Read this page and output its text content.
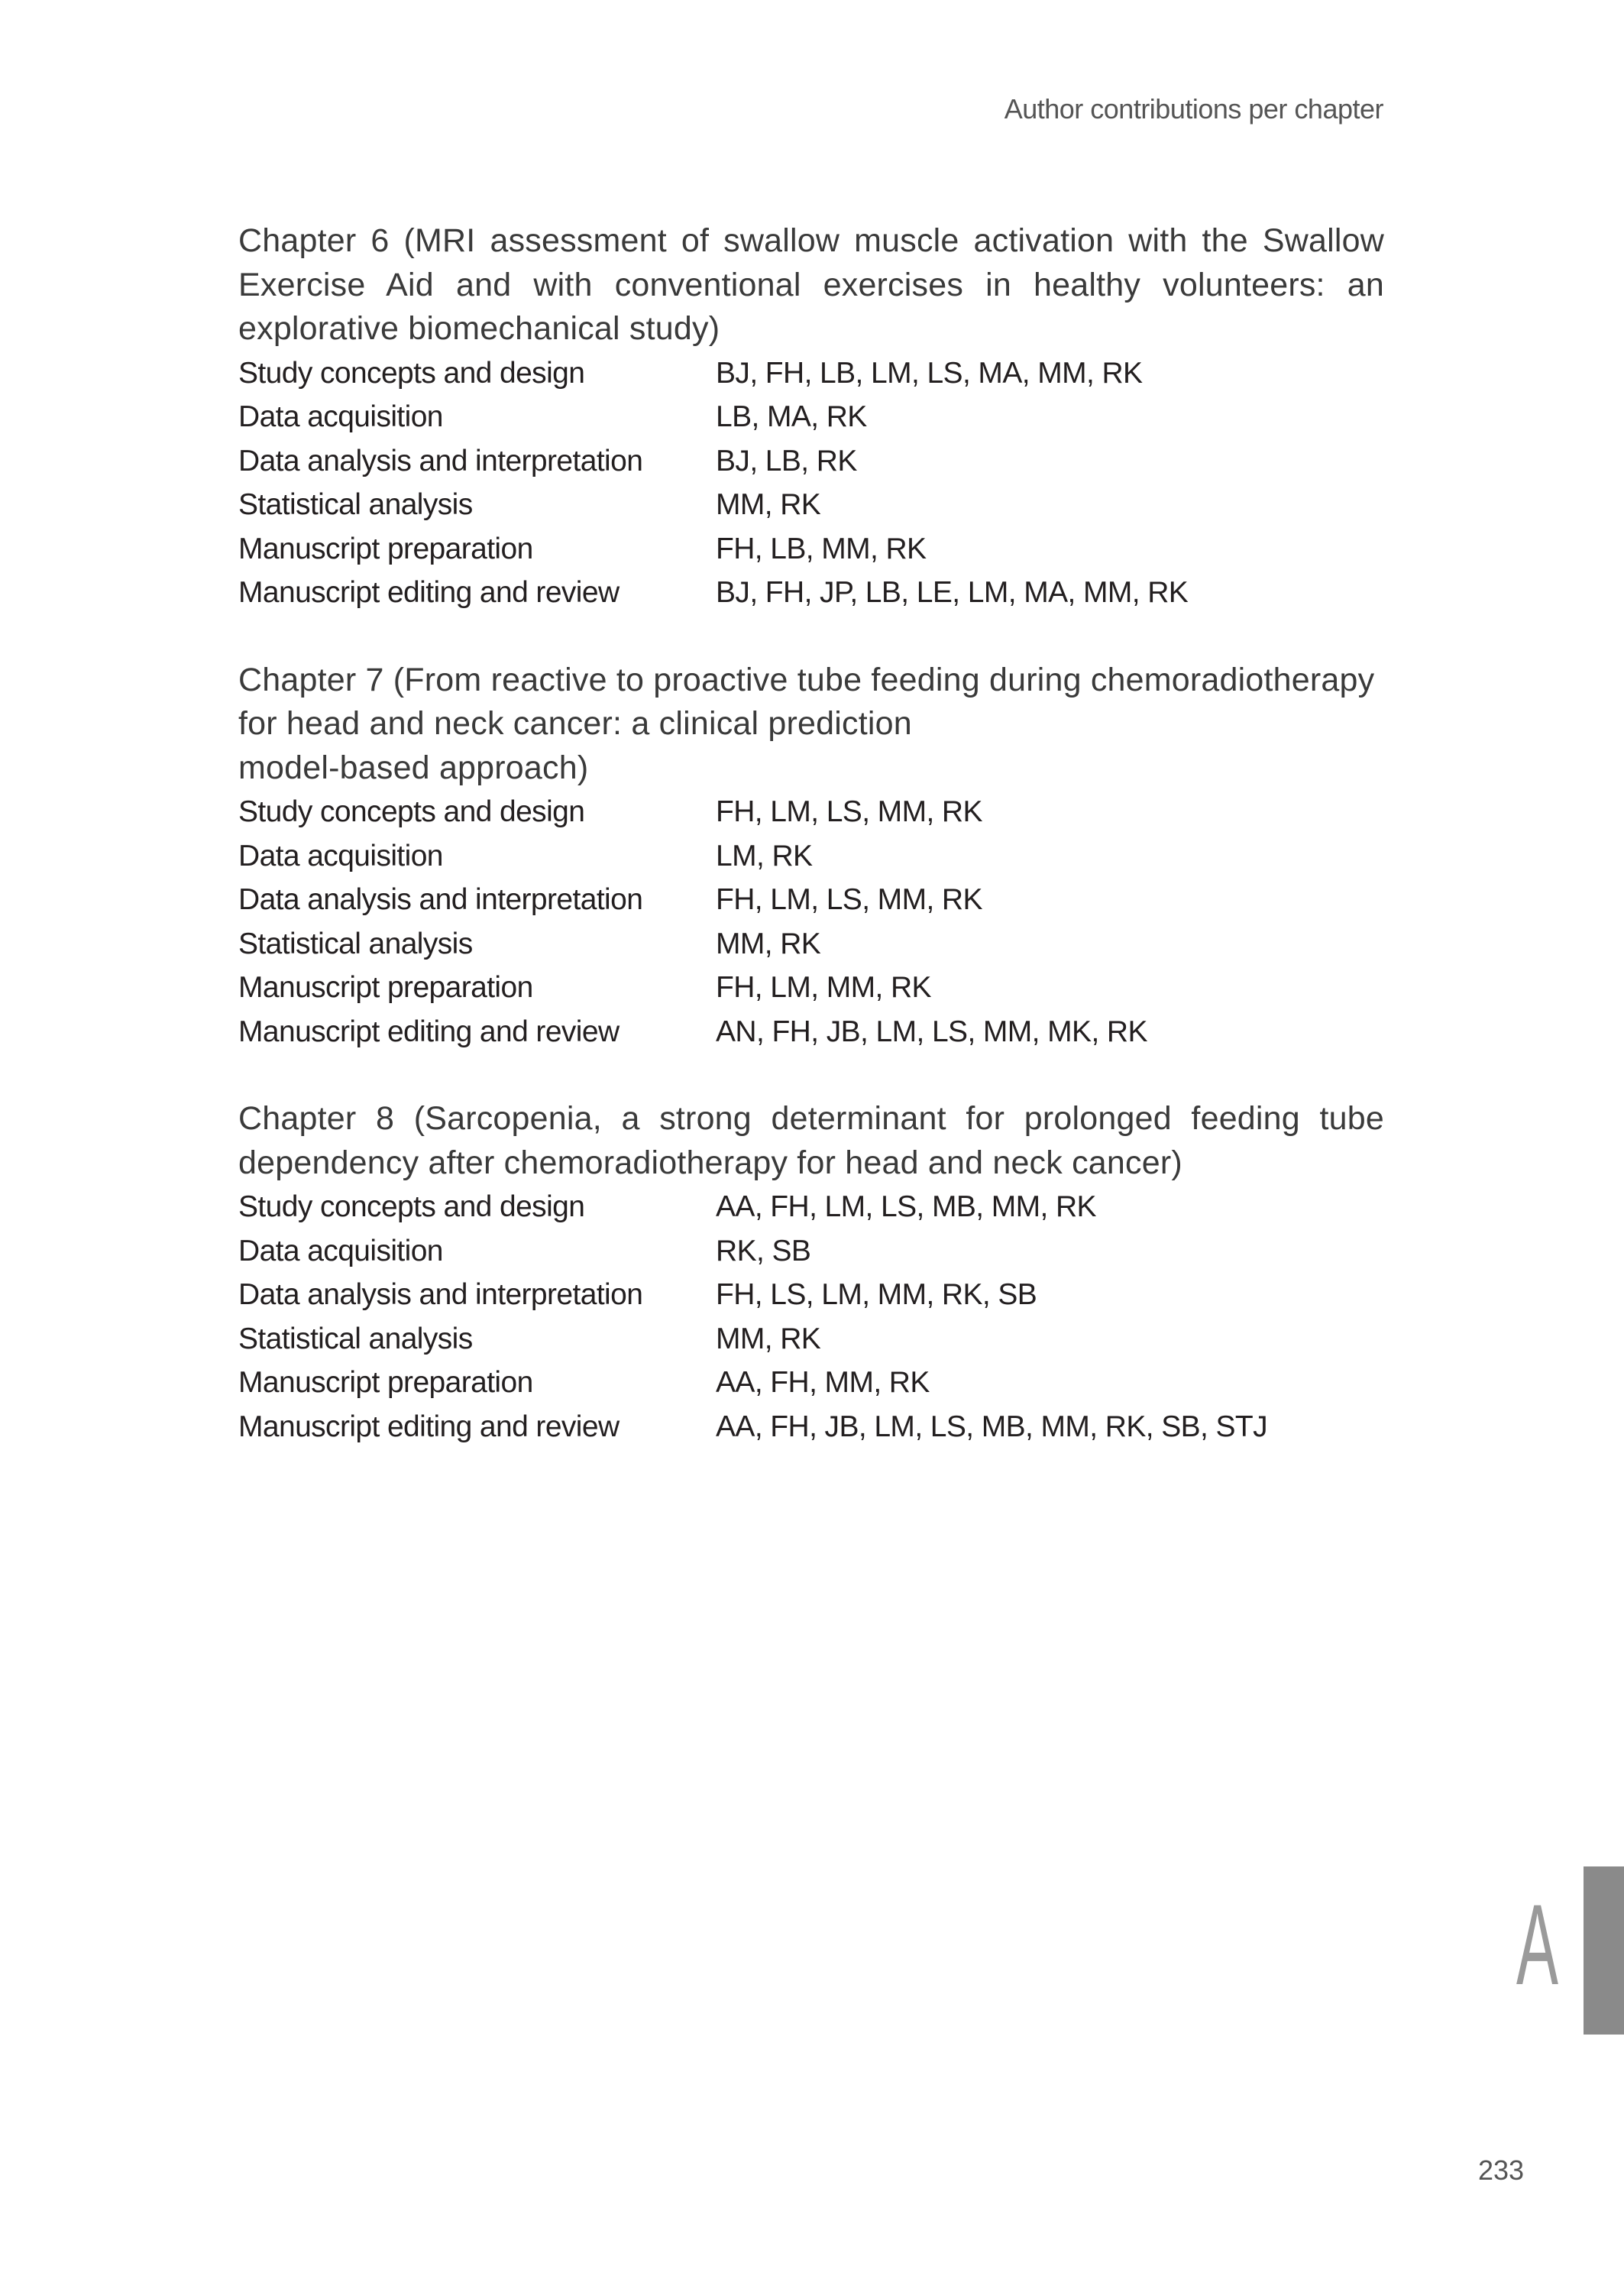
Author contributions per chapter
Chapter 6 (MRI assessment of swallow muscle activation with the Swallow Exercise Aid and with conventional exercises in healthy volunteers: an explorative biomechanical study)
Study concepts and design	BJ, FH, LB, LM, LS, MA, MM, RK
Data acquisition	LB, MA, RK
Data analysis and interpretation	BJ, LB, RK
Statistical analysis	MM, RK
Manuscript preparation	FH, LB, MM, RK
Manuscript editing and review	BJ, FH, JP, LB, LE, LM, MA, MM, RK
Chapter 7 (From reactive to proactive tube feeding during chemoradiotherapy
for head and neck cancer: a clinical prediction
model-based approach)
Study concepts and design	FH, LM, LS, MM, RK
Data acquisition	LM, RK
Data analysis and interpretation	FH, LM, LS, MM, RK
Statistical analysis	MM, RK
Manuscript preparation	FH, LM, MM, RK
Manuscript editing and review	AN, FH, JB, LM, LS, MM, MK, RK
Chapter 8 (Sarcopenia, a strong determinant for prolonged feeding tube dependency after chemoradiotherapy for head and neck cancer)
Study concepts and design	AA, FH, LM, LS, MB, MM, RK
Data acquisition	RK, SB
Data analysis and interpretation	FH, LS, LM, MM, RK, SB
Statistical analysis	MM, RK
Manuscript preparation	AA, FH, MM, RK
Manuscript editing and review	AA, FH, JB, LM, LS, MB, MM, RK, SB, STJ
A
233
